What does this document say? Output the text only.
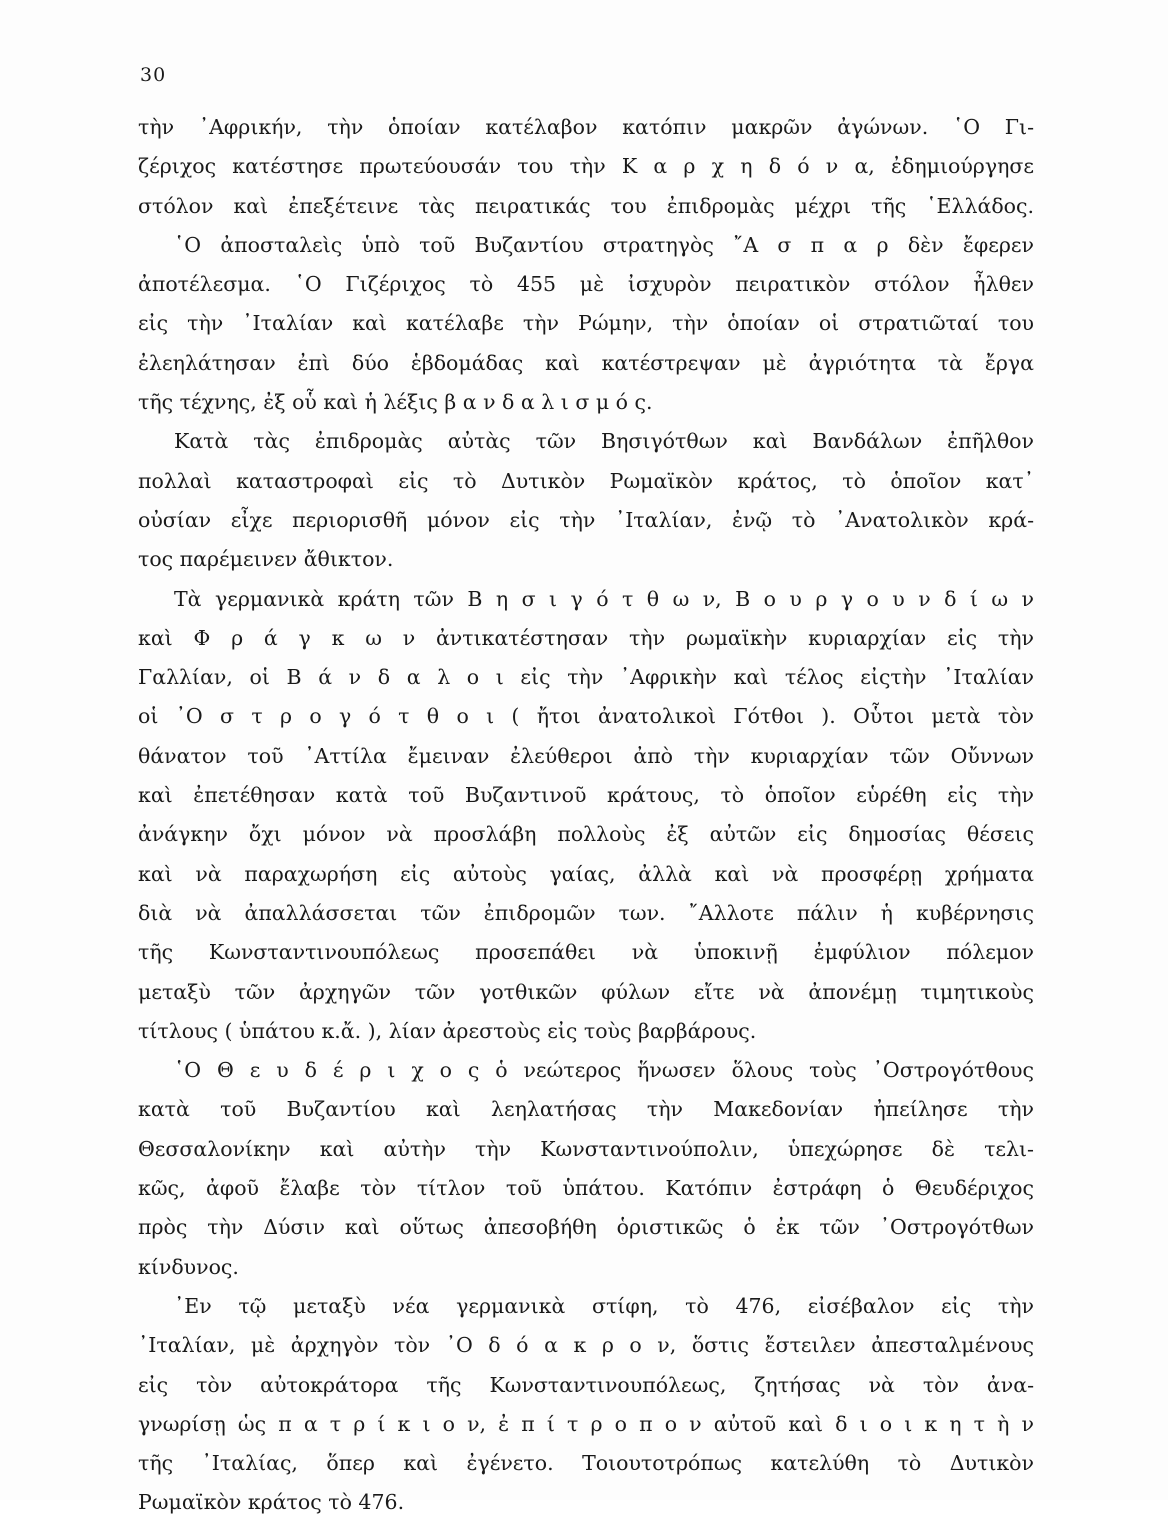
30
τὴν ᾿Αφρικήν, τὴν ὁποίαν κατέλαβον κατόπιν μακρῶν ἀγώνων. ῾Ο Γι-
ζέριχος κατέστησε πρωτεύουσάν του τὴν Κ α ρ χ η δ ό ν α, ἐδημιούργησε
στόλον καὶ ἐπεξέτεινε τὰς πειρατικάς του ἐπιδρομὰς μέχρι τῆς ῾Ελλάδος.
῾Ο ἀποσταλεὶς ὑπὸ τοῦ Βυζαντίου στρατηγὸς ῎Α σ π α ρ δὲν ἔφερεν
ἀποτέλεσμα. ῾Ο Γιζέριχος τὸ 455 μὲ ἰσχυρὸν πειρατικὸν στόλον ἦλθεν
εἰς τὴν ᾿Ιταλίαν καὶ κατέλαβε τὴν Ρώμην, τὴν ὁποίαν οἱ στρατιῶταί του
ἐλεηλάτησαν ἐπὶ δύο ἑβδομάδας καὶ κατέστρεψαν μὲ ἀγριότητα τὰ ἔργα
τῆς τέχνης, ἐξ οὗ καὶ ἡ λέξις β α ν δ α λ ι σ μ ό ς.
Κατὰ τὰς ἐπιδρομὰς αὐτὰς τῶν Βησιγότθων καὶ Βανδάλων ἐπῆλθον
πολλαὶ καταστροφαὶ εἰς τὸ Δυτικὸν Ρωμαϊκὸν κράτος, τὸ ὁποῖον κατ᾿
οὐσίαν εἶχε περιορισθῆ μόνον εἰς τὴν ᾿Ιταλίαν, ἐνῷ τὸ ᾿Ανατολικὸν κρά-
τος παρέμεινεν ἄθικτον.
Τὰ γερμανικὰ κράτη τῶν Β η σ ι γ ό τ θ ω ν, Β ο υ ρ γ ο υ ν δ ί ω ν
καὶ Φ ρ ά γ κ ω ν ἀντικατέστησαν τὴν ρωμαϊκὴν κυριαρχίαν εἰς τὴν
Γαλλίαν, οἱ Β ά ν δ α λ ο ι εἰς τὴν ᾿Αφρικὴν καὶ τέλος εἰςτὴν ᾿Ιταλίαν
οἱ ᾿Ο σ τ ρ ο γ ό τ θ ο ι ( ἤτοι ἀνατολικοὶ Γότθοι ). Οὗτοι μετὰ τὸν
θάνατον τοῦ ᾿Αττίλα ἔμειναν ἐλεύθεροι ἀπὸ τὴν κυριαρχίαν τῶν Οὔννων
καὶ ἐπετέθησαν κατὰ τοῦ Βυζαντινοῦ κράτους, τὸ ὁποῖον εὑρέθη εἰς τὴν
ἀνάγκην ὄχι μόνον νὰ προσλάβη πολλοὺς ἐξ αὐτῶν εἰς δημοσίας θέσεις
καὶ νὰ παραχωρήση εἰς αὐτοὺς γαίας, ἀλλὰ καὶ νὰ προσφέρῃ χρήματα
διὰ νὰ ἀπαλλάσσεται τῶν ἐπιδρομῶν των. ῎Αλλοτε πάλιν ἡ κυβέρνησις
τῆς Κωνσταντινουπόλεως προσεπάθει νὰ ὑποκινῇ ἐμφύλιον πόλεμον
μεταξὺ τῶν ἀρχηγῶν τῶν γοτθικῶν φύλων εἴτε νὰ ἀπονέμῃ τιμητικοὺς
τίτλους ( ὑπάτου κ.ἄ. ), λίαν ἀρεστοὺς εἰς τοὺς βαρβάρους.
῾Ο Θ ε υ δ έ ρ ι χ ο ς ὁ νεώτερος ἥνωσεν ὅλους τοὺς ᾿Οστρογότθους
κατὰ τοῦ Βυζαντίου καὶ λεηλατήσας τὴν Μακεδονίαν ἠπείλησε τὴν
Θεσσαλονίκην καὶ αὐτὴν τὴν Κωνσταντινούπολιν, ὑπεχώρησε δὲ τελι-
κῶς, ἀφοῦ ἔλαβε τὸν τίτλον τοῦ ὑπάτου. Κατόπιν ἐστράφη ὁ Θευδέριχος
πρὸς τὴν Δύσιν καὶ οὕτως ἀπεσοβήθη ὁριστικῶς ὁ ἐκ τῶν ᾿Οστρογότθων
κίνδυνος.
᾿Εν τῷ μεταξὺ νέα γερμανικὰ στίφη, τὸ 476, εἰσέβαλον εἰς τὴν
᾿Ιταλίαν, μὲ ἀρχηγὸν τὸν ᾿Ο δ ό α κ ρ ο ν, ὅστις ἔστειλεν ἀπεσταλμένους
εἰς τὸν αὐτοκράτορα τῆς Κωνσταντινουπόλεως, ζητήσας νὰ τὸν ἀνα-
γνωρίσῃ ὡς π α τ ρ ί κ ι ο ν, ἐ π ί τ ρ ο π ο ν αὐτοῦ καὶ δ ι ο ι κ η τ ὴ ν
τῆς ᾿Ιταλίας, ὅπερ καὶ ἐγένετο. Τοιουτοτρόπως κατελύθη τὸ Δυτικὸν
Ρωμαϊκὸν κράτος τὸ 476.
